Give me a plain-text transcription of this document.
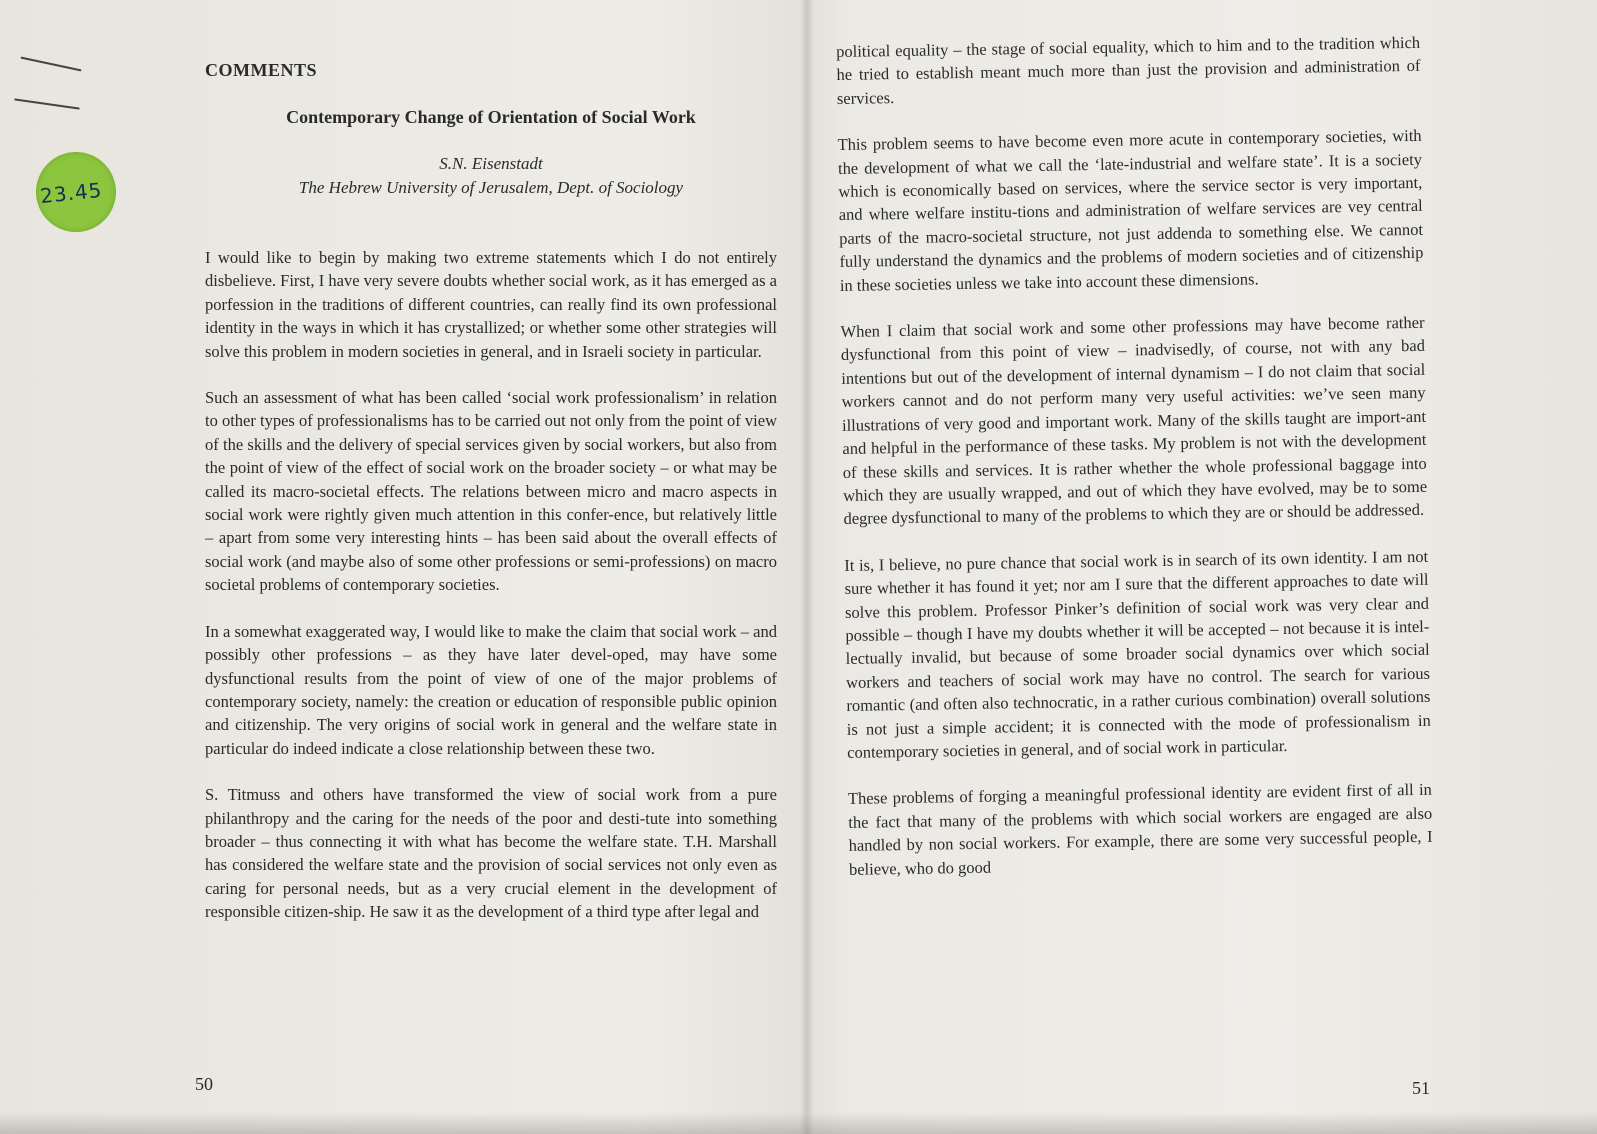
23.45

COMMENTS

Contemporary Change of Orientation of Social Work

S.N. Eisenstadt

The Hebrew University of Jerusalem, Dept. of Sociology

I would like to begin by making two extreme statements which I do not entirely disbelieve. First, I have very severe doubts whether social work, as it has emerged as a porfession in the traditions of different countries, can really find its own professional identity in the ways in which it has crystallized; or whether some other strategies will solve this problem in modern societies in general, and in Israeli society in particular.

Such an assessment of what has been called ‘social work professionalism’ in relation to other types of professionalisms has to be carried out not only from the point of view of the skills and the delivery of special services given by social workers, but also from the point of view of the effect of social work on the broader society – or what may be called its macro-societal effects. The relations between micro and macro aspects in social work were rightly given much attention in this confer-ence, but relatively little – apart from some very interesting hints – has been said about the overall effects of social work (and maybe also of some other professions or semi-professions) on macro societal problems of contemporary societies.

In a somewhat exaggerated way, I would like to make the claim that social work – and possibly other professions – as they have later devel-oped, may have some dysfunctional results from the point of view of one of the major problems of contemporary society, namely: the creation or education of responsible public opinion and citizenship. The very origins of social work in general and the welfare state in particular do indeed indicate a close relationship between these two.

S. Titmuss and others have transformed the view of social work from a pure philanthropy and the caring for the needs of the poor and desti-tute into something broader – thus connecting it with what has become the welfare state. T.H. Marshall has considered the welfare state and the provision of social services not only even as caring for personal needs, but as a very crucial element in the development of responsible citizen-ship. He saw it as the development of a third type after legal and

political equality – the stage of social equality, which to him and to the tradition which he tried to establish meant much more than just the provision and administration of services.

This problem seems to have become even more acute in contemporary societies, with the development of what we call the ‘late-industrial and welfare state’. It is a society which is economically based on services, where the service sector is very important, and where welfare institu-tions and administration of welfare services are vey central parts of the macro-societal structure, not just addenda to something else. We cannot fully understand the dynamics and the problems of modern societies and of citizenship in these societies unless we take into account these dimensions.

When I claim that social work and some other professions may have become rather dysfunctional from this point of view – inadvisedly, of course, not with any bad intentions but out of the development of internal dynamism – I do not claim that social workers cannot and do not perform many very useful activities: we’ve seen many illustrations of very good and important work. Many of the skills taught are import-ant and helpful in the performance of these tasks. My problem is not with the development of these skills and services. It is rather whether the whole professional baggage into which they are usually wrapped, and out of which they have evolved, may be to some degree dysfunctional to many of the problems to which they are or should be addressed.

It is, I believe, no pure chance that social work is in search of its own identity. I am not sure whether it has found it yet; nor am I sure that the different approaches to date will solve this problem. Professor Pinker’s definition of social work was very clear and possible – though I have my doubts whether it will be accepted – not because it is intel-lectually invalid, but because of some broader social dynamics over which social workers and teachers of social work may have no control. The search for various romantic (and often also technocratic, in a rather curious combination) overall solutions is not just a simple accident; it is connected with the mode of professionalism in contemporary societies in general, and of social work in particular.

These problems of forging a meaningful professional identity are evident first of all in the fact that many of the problems with which social workers are engaged are also handled by non social workers. For example, there are some very successful people, I believe, who do good

50	51
